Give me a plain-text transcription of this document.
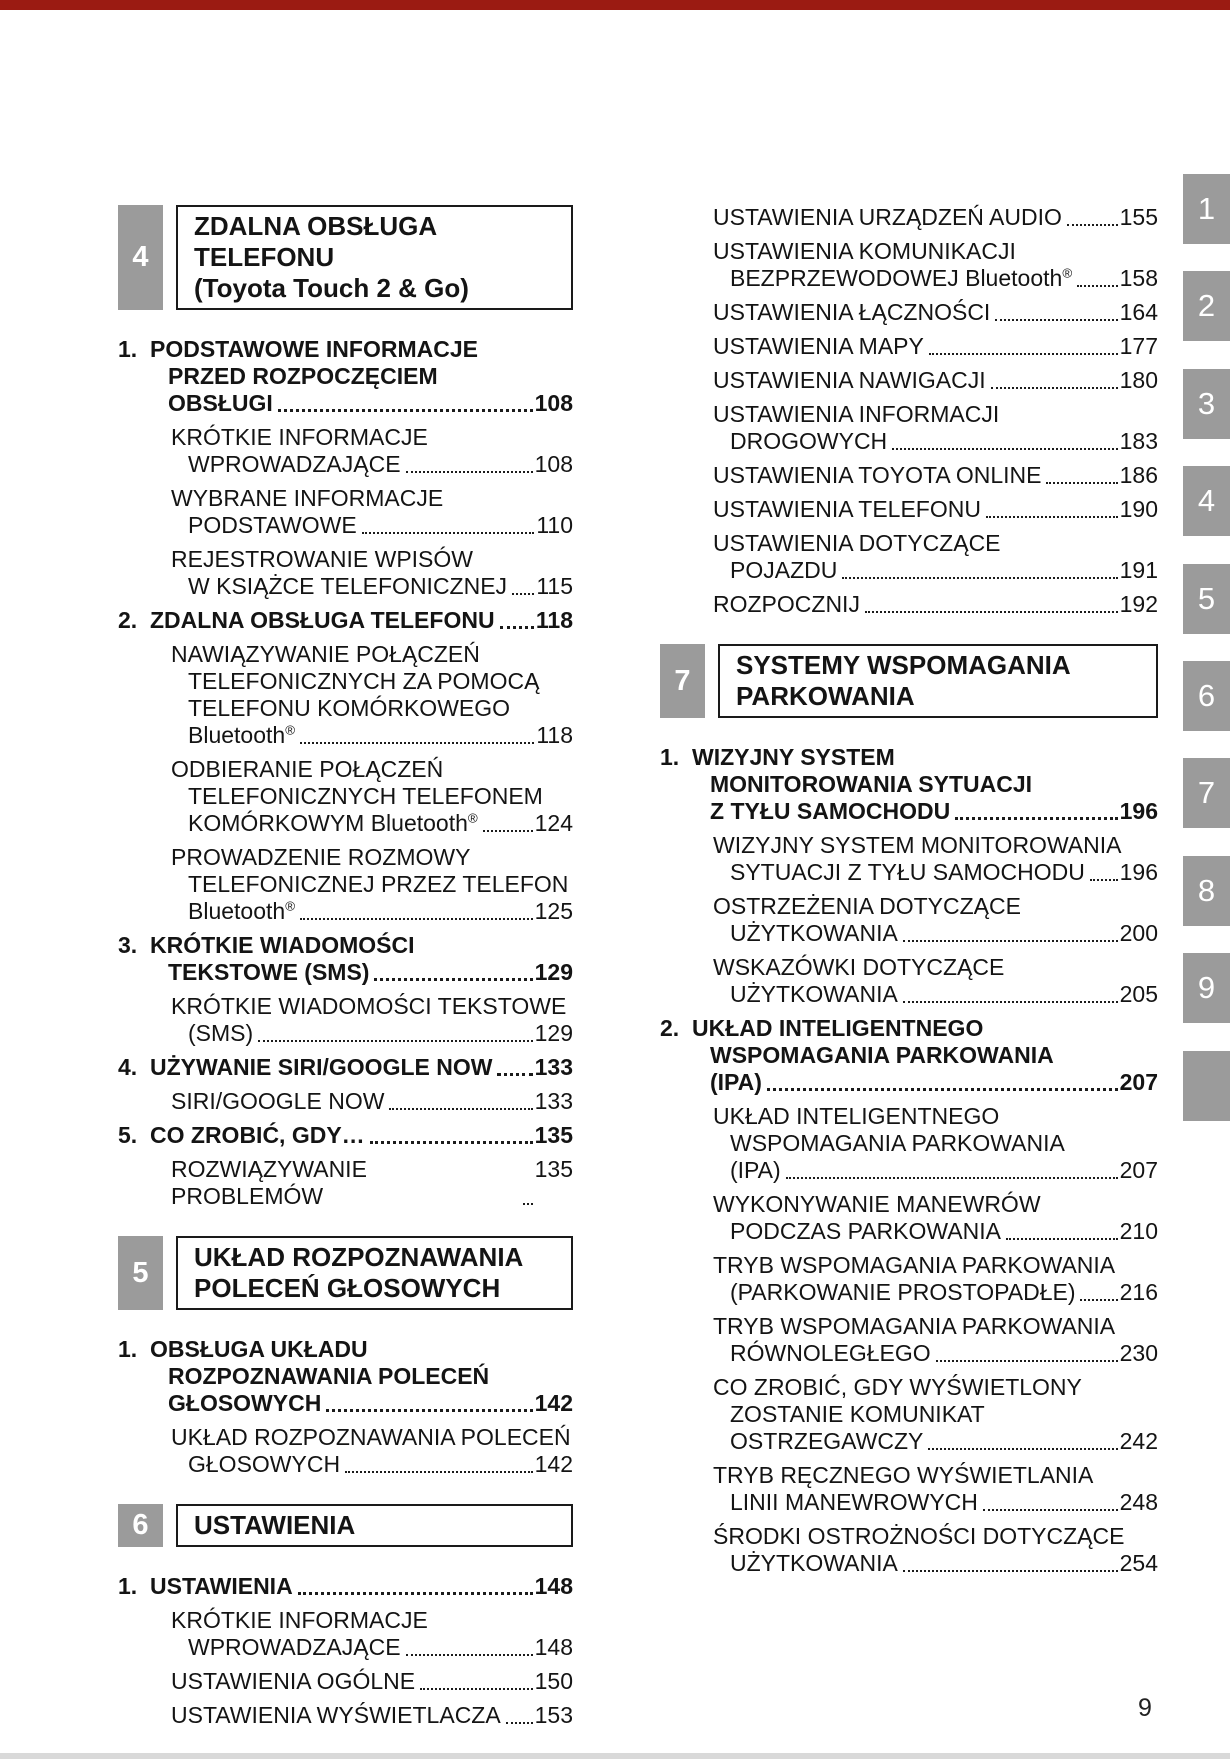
4
ZDALNA OBSŁUGA TELEFONU
(Toyota Touch 2 & Go)
1. PODSTAWOWE INFORMACJE
PRZED ROZPOCZĘCIEM
OBSŁUGI	108
KRÓTKIE INFORMACJE
WPROWADZAJĄCE	108
WYBRANE INFORMACJE
PODSTAWOWE	110
REJESTROWANIE WPISÓW
W KSIĄŻCE TELEFONICZNEJ 115
2. ZDALNA OBSŁUGA TELEFONU 118
NAWIĄZYWANIE POŁĄCZEŃ
TELEFONICZNYCH ZA POMOCĄ
TELEFONU KOMÓRKOWEGO
Bluetooth®	118
ODBIERANIE POŁĄCZEŃ
TELEFONICZNYCH TELEFONEM
KOMÓRKOWYM Bluetooth® 124
PROWADZENIE ROZMOWY
TELEFONICZNEJ PRZEZ TELEFON
Bluetooth®	125
3. KRÓTKIE WIADOMOŚCI
TEKSTOWE (SMS)	129
KRÓTKIE WIADOMOŚCI TEKSTOWE
(SMS)	129
4. UŻYWANIE SIRI/GOOGLE NOW 133
SIRI/GOOGLE NOW	133
5. CO ZROBIĆ, GDY…	135
ROZWIĄZYWANIE PROBLEMÓW
135
5	UKŁAD ROZPOZNAWANIA
POLECEŃ GŁOSOWYCH
1. OBSŁUGA UKŁADU
ROZPOZNAWANIA POLECEŃ
GŁOSOWYCH	142
UKŁAD ROZPOZNAWANIA POLECEŃ
GŁOSOWYCH	142
6	USTAWIENIA
1. USTAWIENIA	148
KRÓTKIE INFORMACJE
WPROWADZAJĄCE	148
USTAWIENIA OGÓLNE	150
USTAWIENIA WYŚWIETLACZA 153
USTAWIENIA URZĄDZEŃ AUDIO	155
USTAWIENIA KOMUNIKACJI
BEZPRZEWODOWEJ Bluetooth® 158
USTAWIENIA ŁĄCZNOŚCI	164
USTAWIENIA MAPY	177
USTAWIENIA NAWIGACJI	180
USTAWIENIA INFORMACJI
DROGOWYCH	183
USTAWIENIA TOYOTA ONLINE	186
USTAWIENIA TELEFONU	190
USTAWIENIA DOTYCZĄCE
POJAZDU	191
ROZPOCZNIJ	192
7	SYSTEMY WSPOMAGANIA
PARKOWANIA
1. WIZYJNY SYSTEM
MONITOROWANIA SYTUACJI
Z TYŁU SAMOCHODU	196
WIZYJNY SYSTEM MONITOROWANIA
SYTUACJI Z TYŁU SAMOCHODU 196
OSTRZEŻENIA DOTYCZĄCE
UŻYTKOWANIA	200
WSKAZÓWKI DOTYCZĄCE
UŻYTKOWANIA	205
2. UKŁAD INTELIGENTNEGO
WSPOMAGANIA PARKOWANIA
(IPA)	207
UKŁAD INTELIGENTNEGO
WSPOMAGANIA PARKOWANIA
(IPA)	207
WYKONYWANIE MANEWRÓW
PODCZAS PARKOWANIA	210
TRYB WSPOMAGANIA PARKOWANIA
(PARKOWANIE PROSTOPADŁE) 216
TRYB WSPOMAGANIA PARKOWANIA
RÓWNOLEGŁEGO	230
CO ZROBIĆ, GDY WYŚWIETLONY
ZOSTANIE KOMUNIKAT
OSTRZEGAWCZY	242
TRYB RĘCZNEGO WYŚWIETLANIA
LINII MANEWROWYCH	248
ŚRODKI OSTROŻNOŚCI DOTYCZĄCE
UŻYTKOWANIA	254
1
2
3
4
5
6
7
8
9
9
